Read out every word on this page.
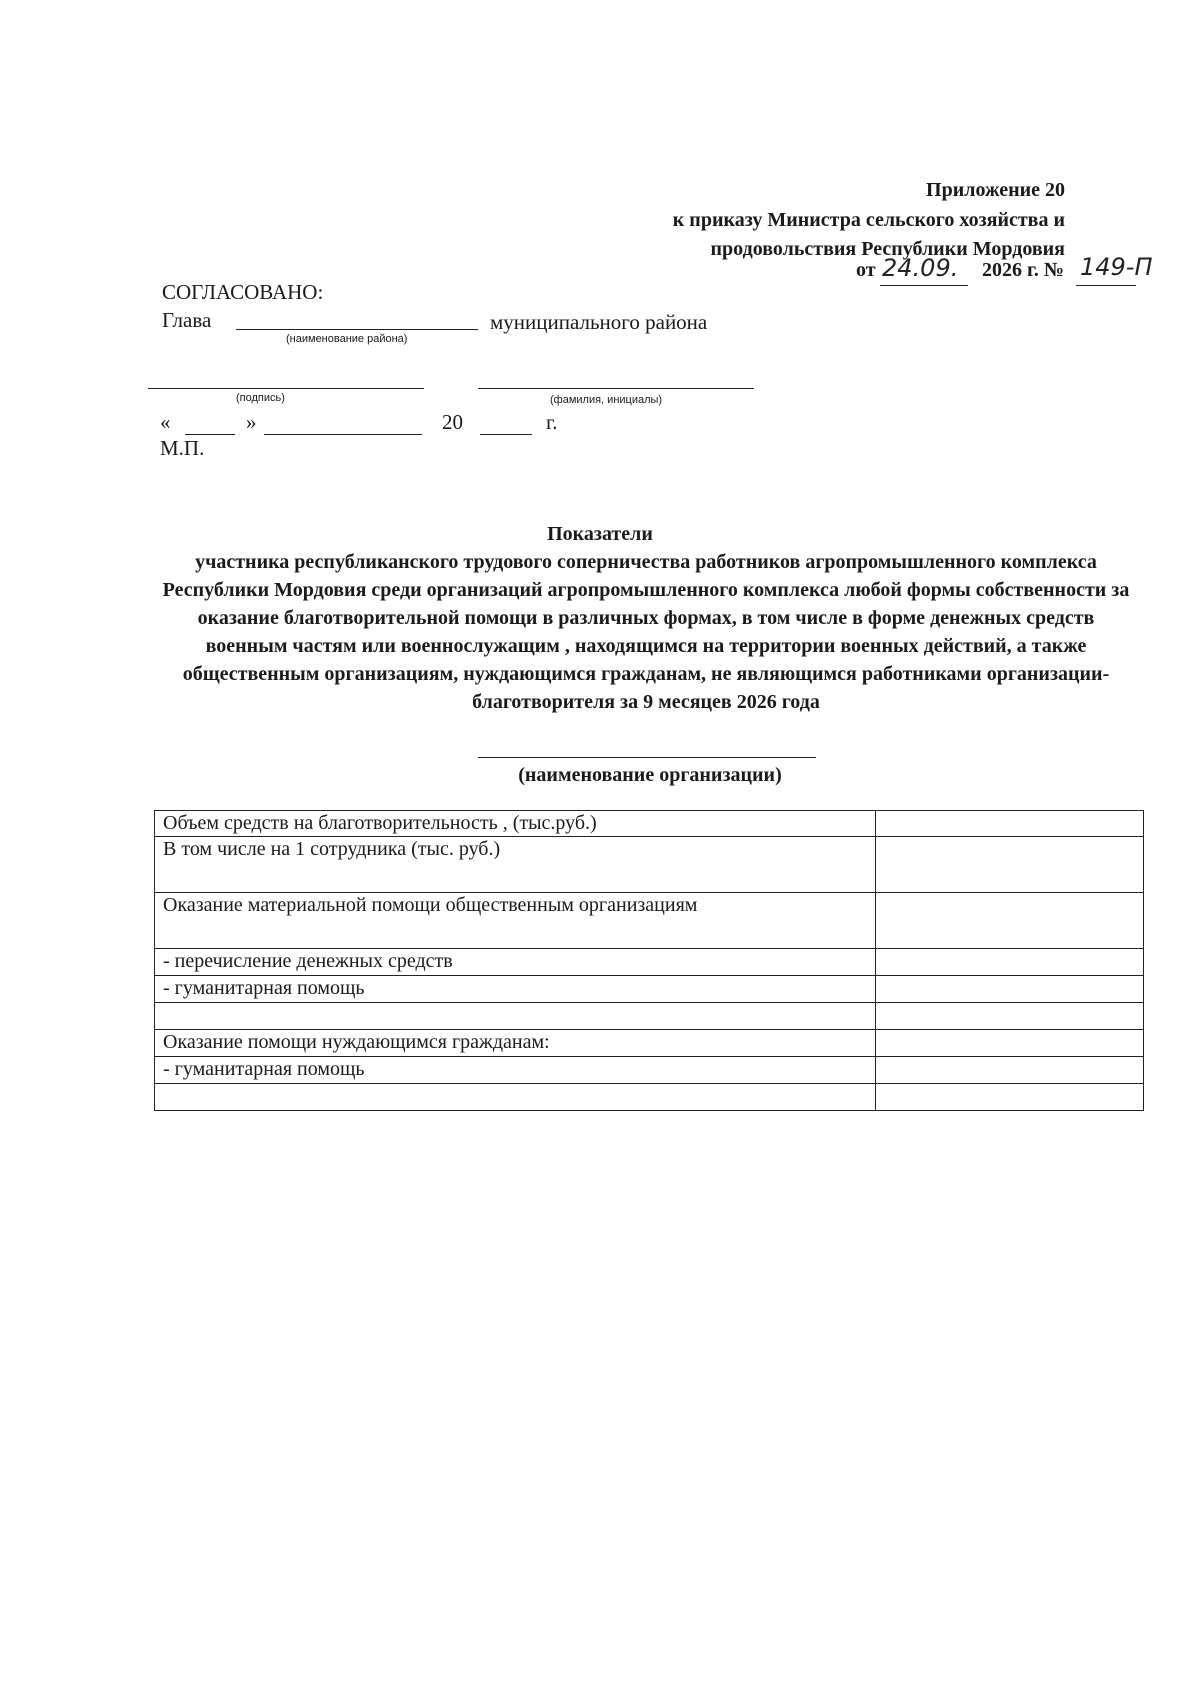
Приложение 20
к приказу Министра сельского хозяйства и
продовольствия Республики Мордовия
от 24.09. 2026 г. № 149-П
СОГЛАСОВАНО:
Глава	муниципального района
(наименование района)
(подпись)	(фамилия, инициалы)
«	»	20	г.
М.П.
Показатели
участника республиканского трудового соперничества работников агропромышленного комплекса Республики Мордовия среди организаций агропромышленного комплекса любой формы собственности за оказание благотворительной помощи в различных формах, в том числе в форме денежных средств военным частям или военнослужащим , находящимся на территории военных действий, а также общественным организациям, нуждающимся гражданам, не являющимся работниками организации- благотворителя за 9 месяцев 2026 года
(наименование организации)
Объем средств на благотворительность , (тыс.руб.)	
В том числе на 1 сотрудника (тыс. руб.)	
Оказание материальной помощи общественным организациям	
- перечисление денежных средств	
- гуманитарная помощь	

Оказание помощи нуждающимся гражданам:	
- гуманитарная помощь	
